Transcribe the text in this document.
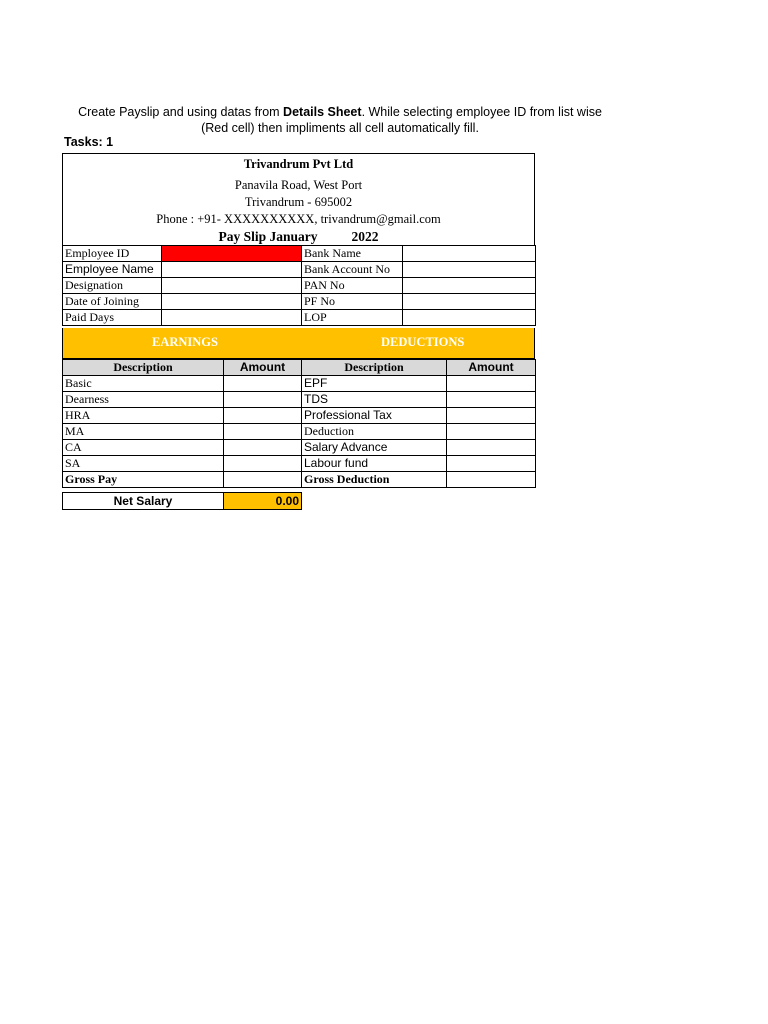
Create Payslip and using datas from Details Sheet. While selecting employee ID from list wise
(Red cell) then impliments all cell automatically fill.
Tasks: 1
Trivandrum Pvt Ltd
Panavila Road, West Port
Trivandrum - 695002
Phone : +91- XXXXXXXXXX, trivandrum@gmail.com
Pay Slip January	2022
Employee ID		Bank Name	
Employee Name		Bank Account No	
Designation		PAN No	
Date of Joining		PF No	
Paid Days		LOP	
EARNINGS	DEDUCTIONS
Description	Amount	Description	Amount
Basic		EPF	
Dearness		TDS	
HRA		Professional Tax	
MA		Deduction	
CA		Salary Advance	
SA		Labour fund	
Gross Pay		Gross Deduction	
Net Salary	0.00
